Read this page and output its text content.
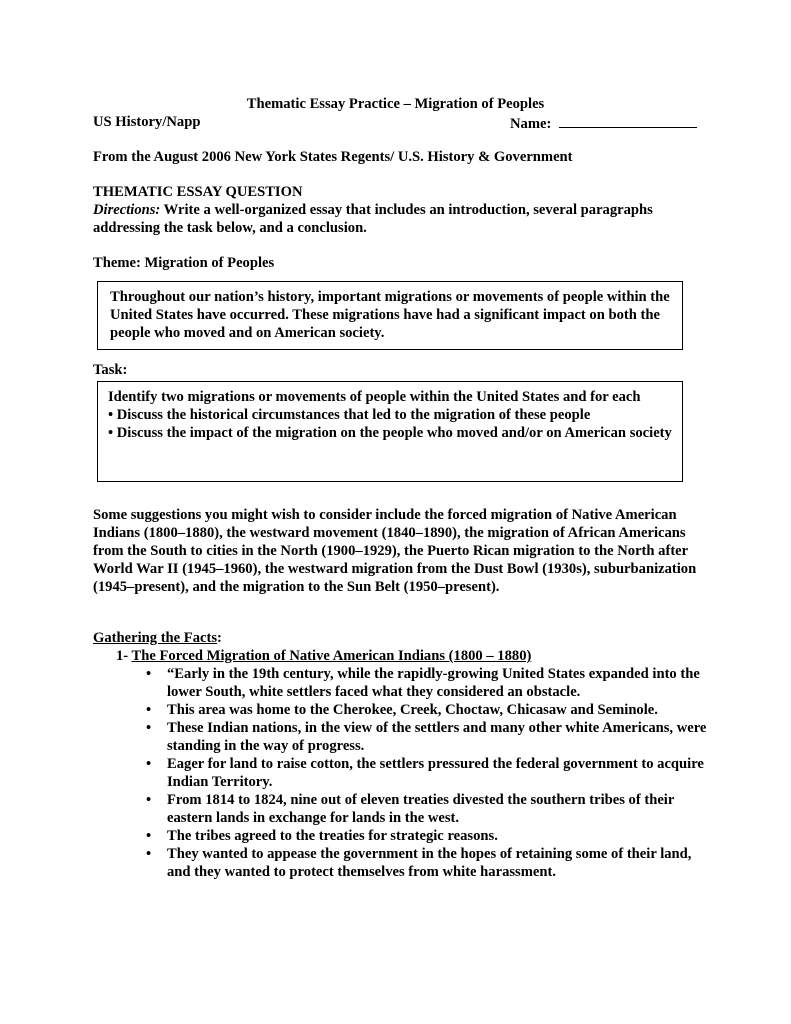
Thematic Essay Practice – Migration of Peoples

US History/Napp	Name:

From the August 2006 New York States Regents/ U.S. History & Government

THEMATIC ESSAY QUESTION

Directions: Write a well-organized essay that includes an introduction, several paragraphs addressing the task below, and a conclusion.

Theme: Migration of Peoples

Throughout our nation’s history, important migrations or movements of people within the United States have occurred. These migrations have had a significant impact on both the people who moved and on American society.

Task:

Identify two migrations or movements of people within the United States and for each
• Discuss the historical circumstances that led to the migration of these people
• Discuss the impact of the migration on the people who moved and/or on American society

Some suggestions you might wish to consider include the forced migration of Native American Indians (1800–1880), the westward movement (1840–1890), the migration of African Americans from the South to cities in the North (1900–1929), the Puerto Rican migration to the North after World War II (1945–1960), the westward migration from the Dust Bowl (1930s), suburbanization (1945–present), and the migration to the Sun Belt (1950–present).

Gathering the Facts:

1- The Forced Migration of Native American Indians (1800 – 1880)

• “Early in the 19th century, while the rapidly-growing United States expanded into the lower South, white settlers faced what they considered an obstacle.
• This area was home to the Cherokee, Creek, Choctaw, Chicasaw and Seminole.
• These Indian nations, in the view of the settlers and many other white Americans, were standing in the way of progress.
• Eager for land to raise cotton, the settlers pressured the federal government to acquire Indian Territory.
• From 1814 to 1824, nine out of eleven treaties divested the southern tribes of their eastern lands in exchange for lands in the west.
• The tribes agreed to the treaties for strategic reasons.
• They wanted to appease the government in the hopes of retaining some of their land, and they wanted to protect themselves from white harassment.
